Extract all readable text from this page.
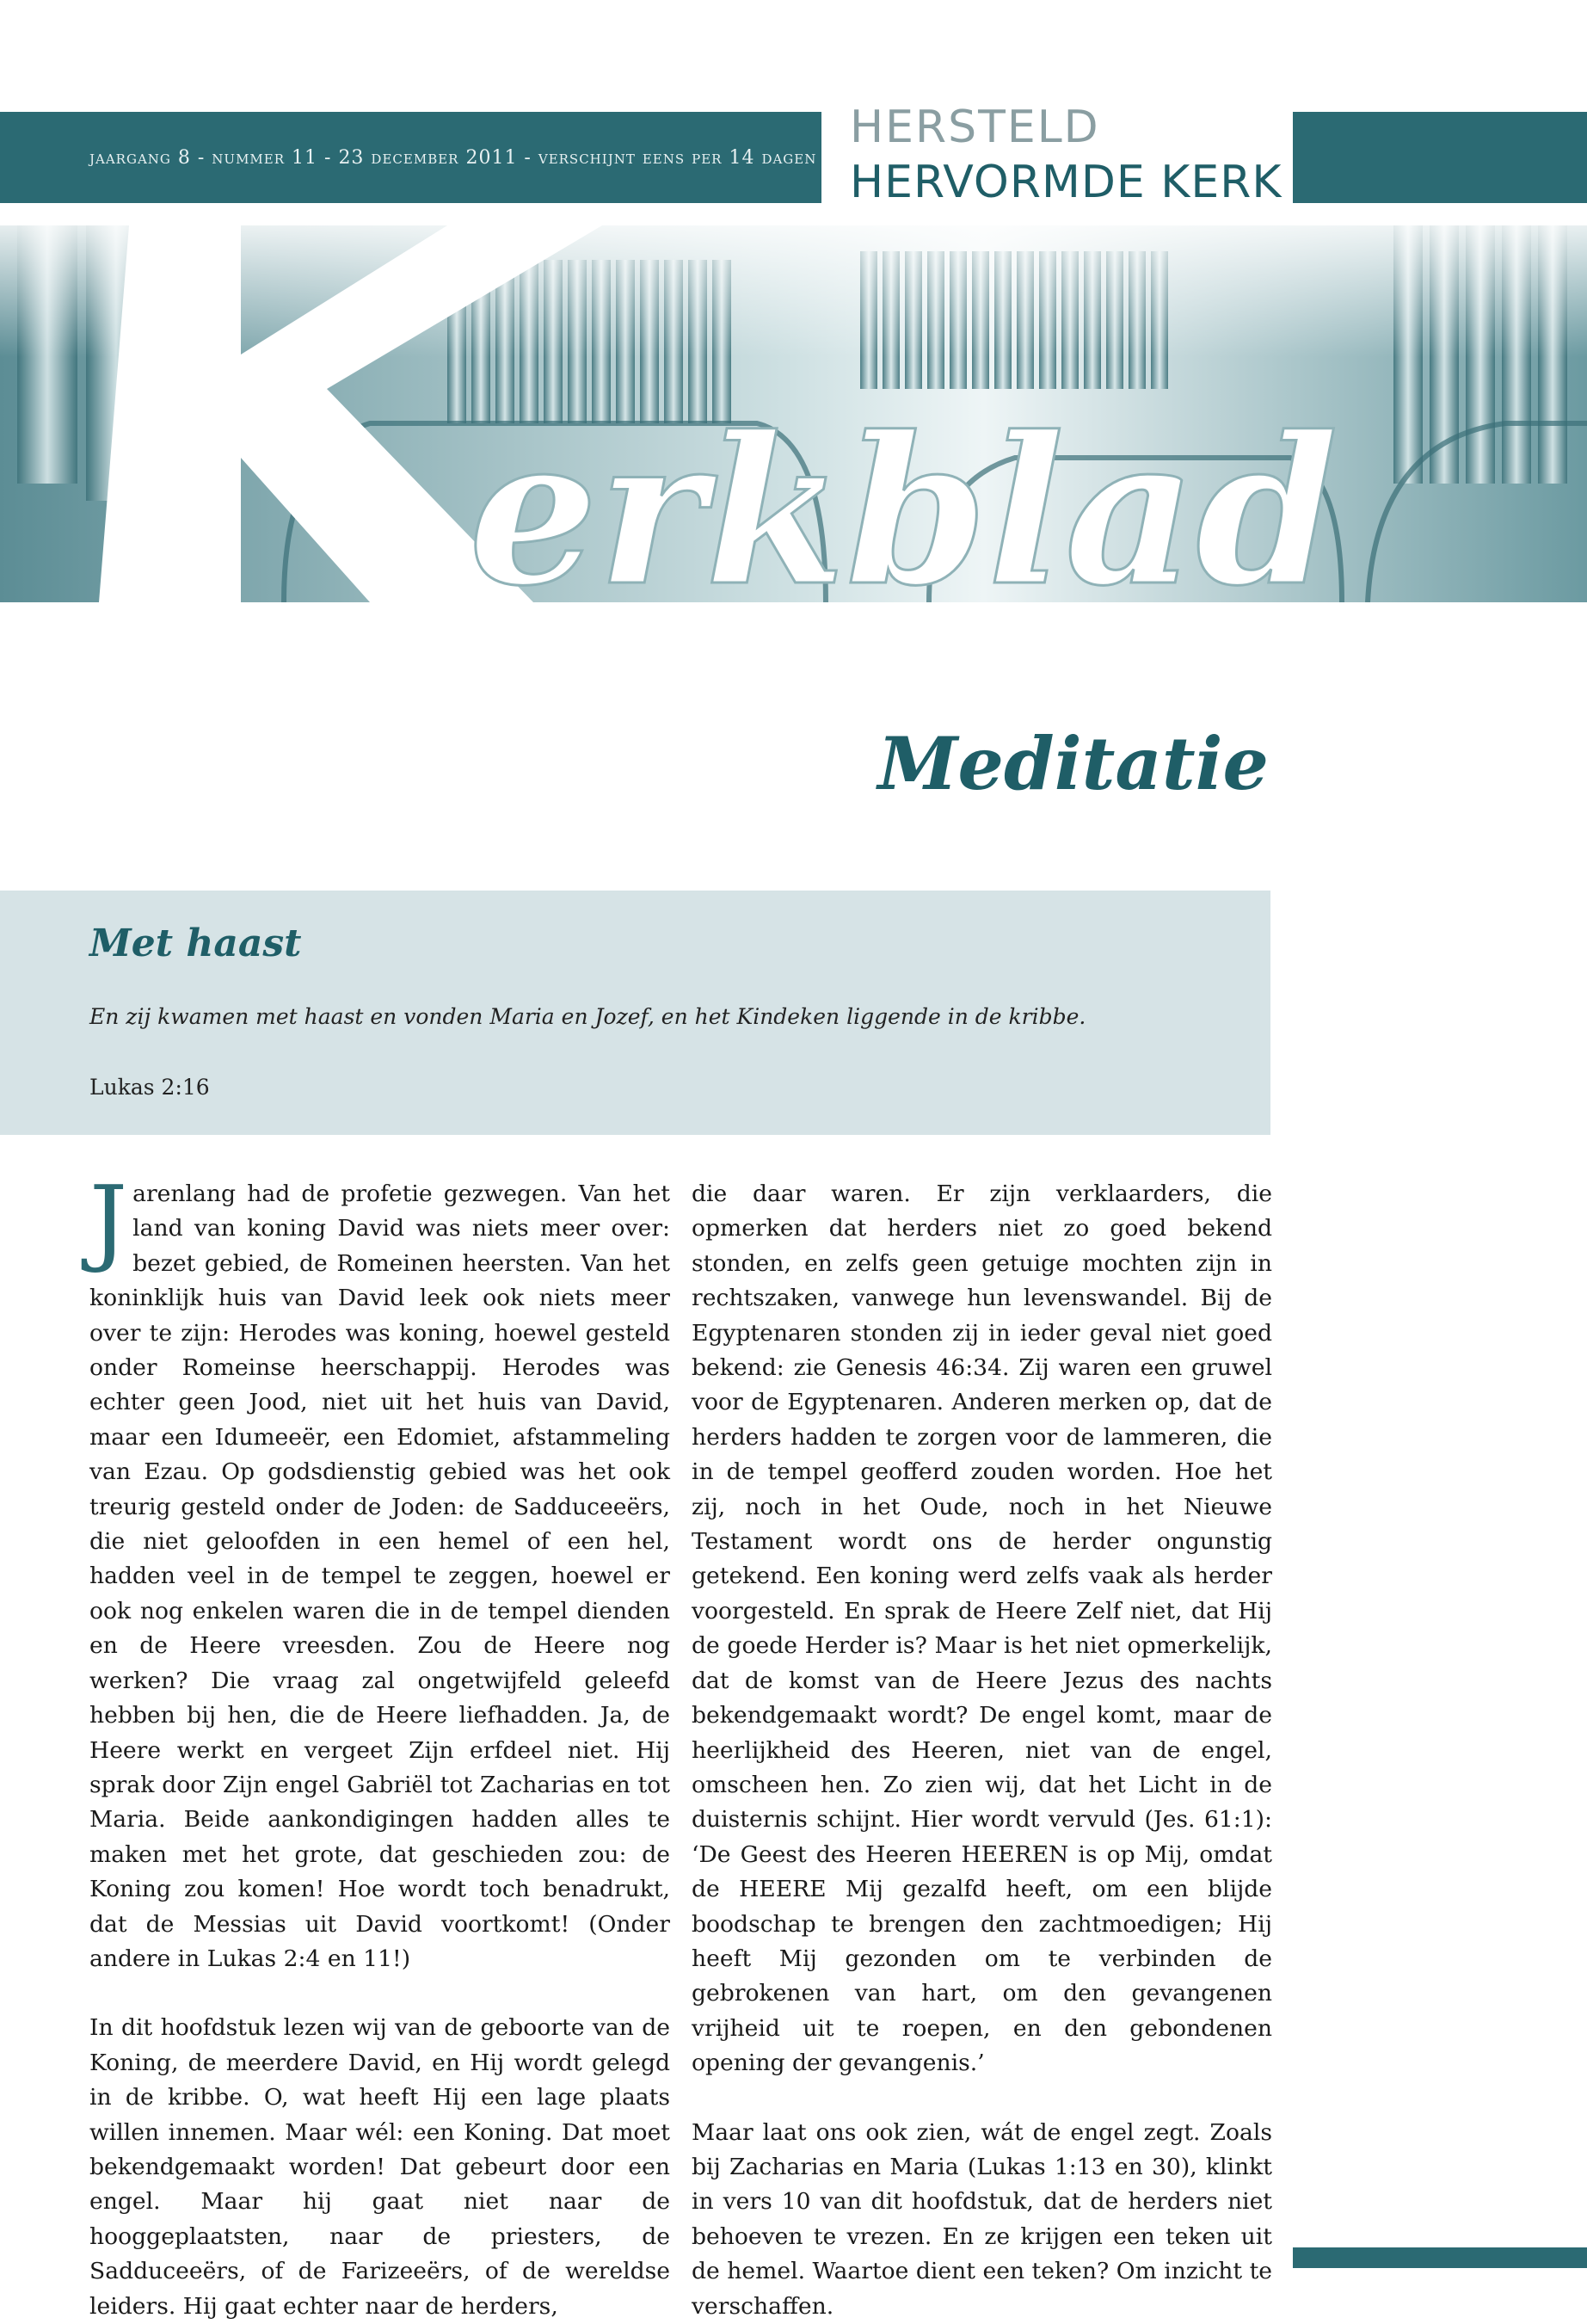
jaargang 8 - nummer 11 - 23 december 2011 - verschijnt eens per 14 dagen
HERSTELD
HERVORMDE KERK
erkblad
Meditatie
Met haast

En zij kwamen met haast en vonden Maria en Jozef, en het Kindeken liggende in de kribbe.

Lukas 2:16

Jarenlang had de profetie gezwegen. Van het land van koning David was niets meer over: bezet gebied, de Romeinen heersten. Van het koninklijk huis van David leek ook niets meer over te zijn: Herodes was koning, hoewel gesteld onder Romeinse heerschappij. Herodes was echter geen Jood, niet uit het huis van David, maar een Idumeeër, een Edomiet, afstammeling van Ezau. Op godsdienstig gebied was het ook treurig gesteld onder de Joden: de Sadduceeërs, die niet geloofden in een hemel of een hel, hadden veel in de tempel te zeggen, hoewel er ook nog enkelen waren die in de tempel dienden en de Heere vreesden. Zou de Heere nog werken? Die vraag zal ongetwijfeld geleefd hebben bij hen, die de Heere liefhadden. Ja, de Heere werkt en vergeet Zijn erfdeel niet. Hij sprak door Zijn engel Gabriël tot Zacharias en tot Maria. Beide aankondigingen hadden alles te maken met het grote, dat geschieden zou: de Koning zou komen! Hoe wordt toch benadrukt, dat de Messias uit David voortkomt! (Onder andere in Lukas 2:4 en 11!)

In dit hoofdstuk lezen wij van de geboorte van de Koning, de meerdere David, en Hij wordt gelegd in de kribbe. O, wat heeft Hij een lage plaats willen innemen. Maar wél: een Koning. Dat moet bekendgemaakt worden! Dat gebeurt door een engel. Maar hij gaat niet naar de hooggeplaatsten, naar de priesters, de Sadduceeërs, of de Farizeeërs, of de wereldse leiders. Hij gaat echter naar de herders,

die daar waren. Er zijn verklaarders, die opmerken dat herders niet zo goed bekend stonden, en zelfs geen getuige mochten zijn in rechtszaken, vanwege hun levenswandel. Bij de Egyptenaren stonden zij in ieder geval niet goed bekend: zie Genesis 46:34. Zij waren een gruwel voor de Egyptenaren. Anderen merken op, dat de herders hadden te zorgen voor de lammeren, die in de tempel geofferd zouden worden. Hoe het zij, noch in het Oude, noch in het Nieuwe Testament wordt ons de herder ongunstig getekend. Een koning werd zelfs vaak als herder voorgesteld. En sprak de Heere Zelf niet, dat Hij de goede Herder is? Maar is het niet opmerkelijk, dat de komst van de Heere Jezus des nachts bekendgemaakt wordt? De engel komt, maar de heerlijkheid des Heeren, niet van de engel, omscheen hen. Zo zien wij, dat het Licht in de duisternis schijnt. Hier wordt vervuld (Jes. 61:1): ‘De Geest des Heeren HEEREN is op Mij, omdat de HEERE Mij gezalfd heeft, om een blijde boodschap te brengen den zachtmoedigen; Hij heeft Mij gezonden om te verbinden de gebrokenen van hart, om den gevangenen vrijheid uit te roepen, en den gebondenen opening der gevangenis.’

Maar laat ons ook zien, wát de engel zegt. Zoals bij Zacharias en Maria (Lukas 1:13 en 30), klinkt in vers 10 van dit hoofdstuk, dat de herders niet behoeven te vrezen. En ze krijgen een teken uit de hemel. Waartoe dient een teken? Om inzicht te verschaffen.
